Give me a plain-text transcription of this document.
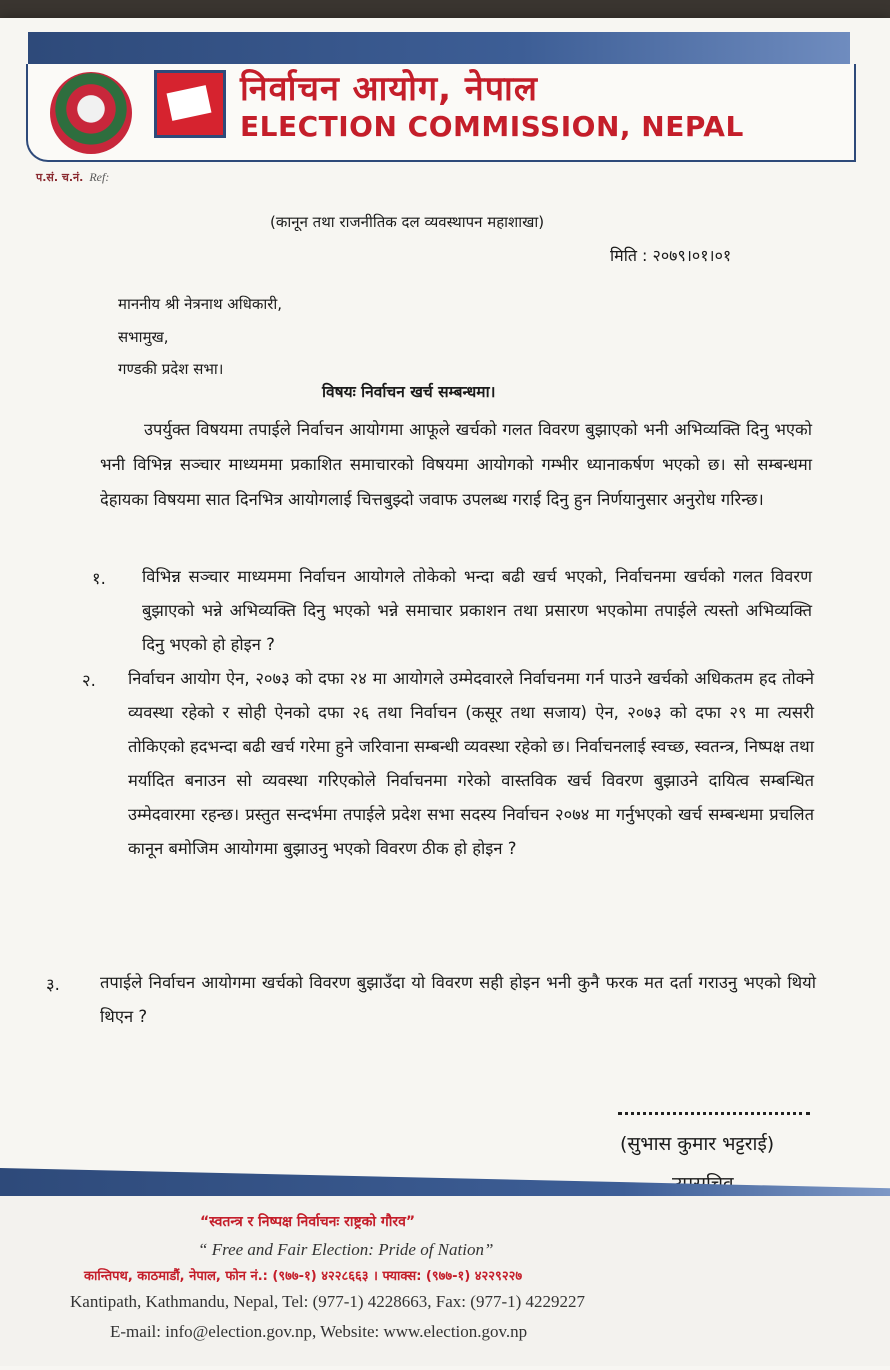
निर्वाचन आयोग, नेपाल
ELECTION COMMISSION, NEPAL
प.सं. च.नं. Ref:
(कानून तथा राजनीतिक दल व्यवस्थापन महाशाखा)
मिति : २०७९।०१।०१
माननीय श्री नेत्रनाथ अधिकारी,
सभामुख,
गण्डकी प्रदेश सभा।
विषयः निर्वाचन खर्च सम्बन्धमा।
उपर्युक्त विषयमा तपाईले निर्वाचन आयोगमा आफूले खर्चको गलत विवरण बुझाएको भनी अभिव्यक्ति दिनु भएको भनी विभिन्न सञ्चार माध्यममा प्रकाशित समाचारको विषयमा आयोगको गम्भीर ध्यानाकर्षण भएको छ। सो सम्बन्धमा देहायका विषयमा सात दिनभित्र आयोगलाई चित्तबुझ्दो जवाफ उपलब्ध गराई दिनु हुन निर्णयानुसार अनुरोध गरिन्छ।
१. विभिन्न सञ्चार माध्यममा निर्वाचन आयोगले तोकेको भन्दा बढी खर्च भएको, निर्वाचनमा खर्चको गलत विवरण बुझाएको भन्ने अभिव्यक्ति दिनु भएको भन्ने समाचार प्रकाशन तथा प्रसारण भएकोमा तपाईले त्यस्तो अभिव्यक्ति दिनु भएको हो होइन ?
२. निर्वाचन आयोग ऐन, २०७३ को दफा २४ मा आयोगले उम्मेदवारले निर्वाचनमा गर्न पाउने खर्चको अधिकतम हद तोक्ने व्यवस्था रहेको र सोही ऐनको दफा २६ तथा निर्वाचन (कसूर तथा सजाय) ऐन, २०७३ को दफा २९ मा त्यसरी तोकिएको हदभन्दा बढी खर्च गरेमा हुने जरिवाना सम्बन्धी व्यवस्था रहेको छ। निर्वाचनलाई स्वच्छ, स्वतन्त्र, निष्पक्ष तथा मर्यादित बनाउन सो व्यवस्था गरिएकोले निर्वाचनमा गरेको वास्तविक खर्च विवरण बुझाउने दायित्व सम्बन्धित उम्मेदवारमा रहन्छ। प्रस्तुत सन्दर्भमा तपाईले प्रदेश सभा सदस्य निर्वाचन २०७४ मा गर्नुभएको खर्च सम्बन्धमा प्रचलित कानून बमोजिम आयोगमा बुझाउनु भएको विवरण ठीक हो होइन ?
३. तपाईले निर्वाचन आयोगमा खर्चको विवरण बुझाउँदा यो विवरण सही होइन भनी कुनै फरक मत दर्ता गराउनु भएको थियो थिएन ?
(सुभास कुमार भट्टराई)
“स्वतन्त्र र निष्पक्ष निर्वाचनः राष्ट्रको गौरव”
“ Free and Fair Election: Pride of Nation”
कान्तिपथ, काठमाडौं, नेपाल, फोन नं.: (९७७-१) ४२२८६६३ । फ्याक्स: (९७७-१) ४२२९२२७
Kantipath, Kathmandu, Nepal, Tel: (977-1) 4228663, Fax: (977-1) 4229227
E-mail: info@election.gov.np, Website: www.election.gov.np
